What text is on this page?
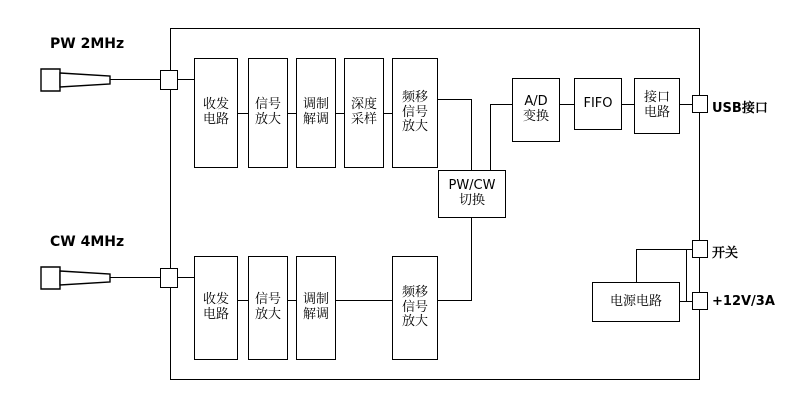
PW 2MHz
收发
电路
信号
放大
调制
解调
深度
采样
频移
信号
放大
PW/CW
切换
A/D
变换
FIFO	接口
电路	USB接口
CW 4MHz
收发
电路
信号
放大
调制
解调
频移
信号
放大
电源电路
开关
+12V/3A
